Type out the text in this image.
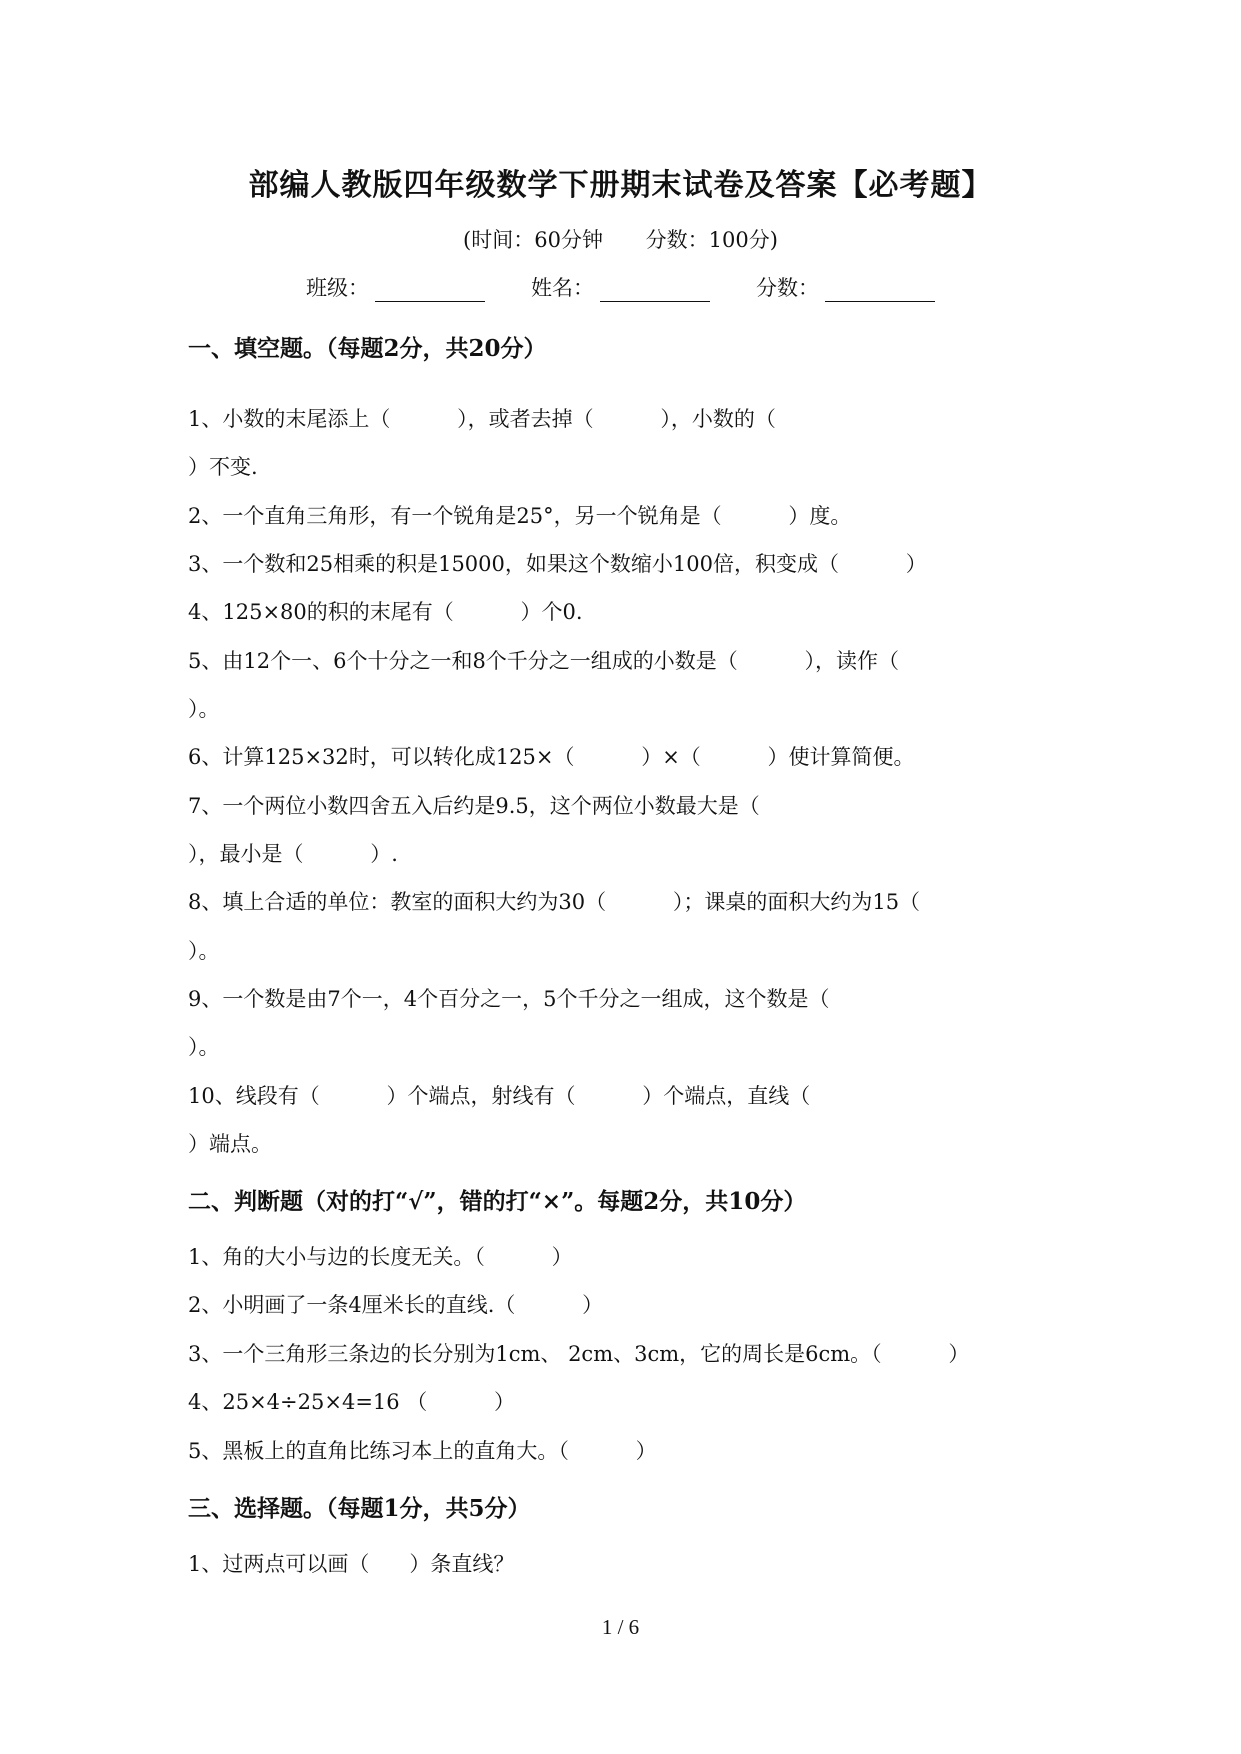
部编人教版四年级数学下册期末试卷及答案【必考题】
(时间：60分钟 分数：100分)
班级：	姓名：	分数：
一、填空题。（每题2分，共20分）
1、小数的末尾添上（          ），或者去掉（          ），小数的（
）不变.
2、一个直角三角形，有一个锐角是25°，另一个锐角是（          ）度。
3、一个数和25相乘的积是15000，如果这个数缩小100倍，积变成（          ）
4、125×80的积的末尾有（          ）个0.
5、由12个一、6个十分之一和8个千分之一组成的小数是（          ），读作（
）。
6、计算125×32时，可以转化成125×（          ）×（          ）使计算简便。
7、一个两位小数四舍五入后约是9.5，这个两位小数最大是（
），最小是（          ）.
8、填上合适的单位：教室的面积大约为30（          ）；课桌的面积大约为15（
）。
9、一个数是由7个一，4个百分之一，5个千分之一组成，这个数是（
）。
10、线段有（          ）个端点，射线有（          ）个端点，直线（
）端点。
二、判断题（对的打“√”，错的打“×”。每题2分，共10分）
1、角的大小与边的长度无关。（          ）
2、小明画了一条4厘米长的直线.（          ）
3、一个三角形三条边的长分别为1cm、 2cm、3cm，它的周长是6cm。（          ）
4、25×4÷25×4=16 （          ）
5、黑板上的直角比练习本上的直角大。（          ）
三、选择题。（每题1分，共5分）
1、过两点可以画（      ）条直线？
1 / 6
